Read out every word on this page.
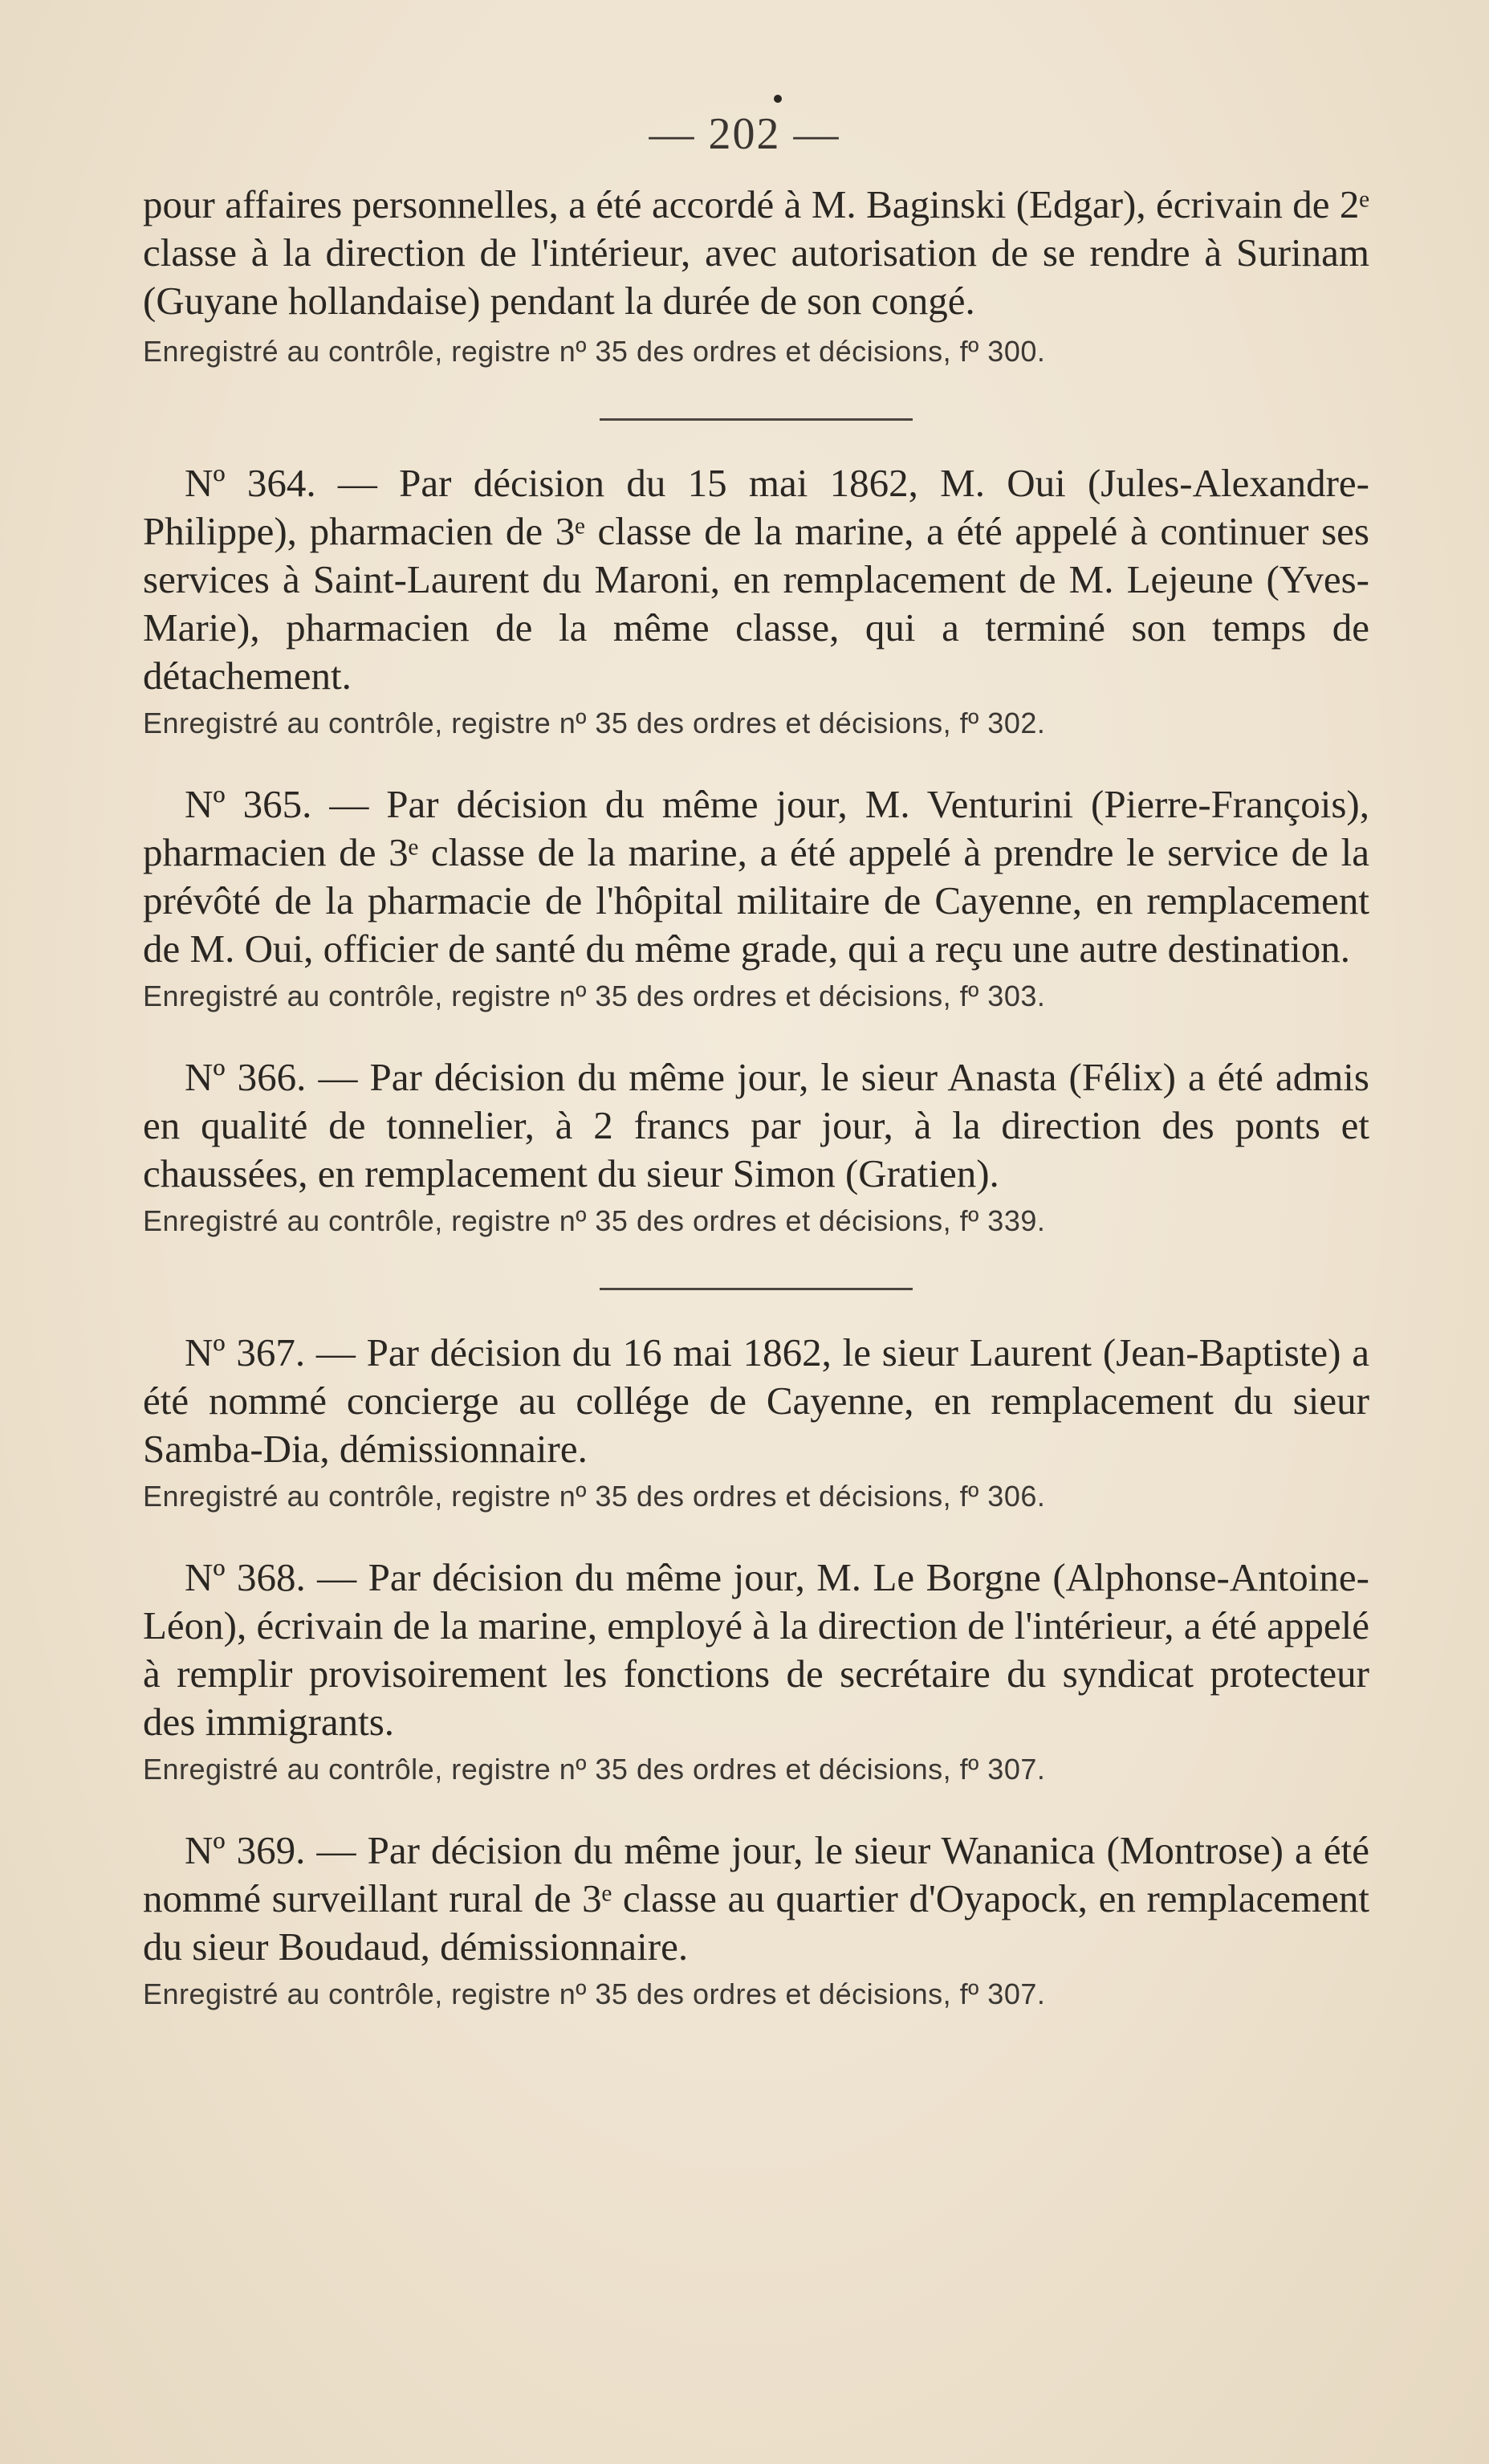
— 202 —

pour affaires personnelles, a été accordé à M. Baginski (Edgar), écrivain de 2ᵉ classe à la direction de l'intérieur, avec autorisation de se rendre à Surinam (Guyane hollandaise) pendant la durée de son congé.

Enregistré au contrôle, registre nº 35 des ordres et décisions, fº 300.

Nº 364. — Par décision du 15 mai 1862, M. Oui (Jules-Alexandre-Philippe), pharmacien de 3ᵉ classe de la marine, a été appelé à continuer ses services à Saint-Laurent du Maroni, en remplacement de M. Lejeune (Yves-Marie), pharmacien de la même classe, qui a terminé son temps de détachement.

Enregistré au contrôle, registre nº 35 des ordres et décisions, fº 302.

Nº 365. — Par décision du même jour, M. Venturini (Pierre-François), pharmacien de 3ᵉ classe de la marine, a été appelé à prendre le service de la prévôté de la pharmacie de l'hôpital militaire de Cayenne, en remplacement de M. Oui, officier de santé du même grade, qui a reçu une autre destination.

Enregistré au contrôle, registre nº 35 des ordres et décisions, fº 303.

Nº 366. — Par décision du même jour, le sieur Anasta (Félix) a été admis en qualité de tonnelier, à 2 francs par jour, à la direction des ponts et chaussées, en remplacement du sieur Simon (Gratien).

Enregistré au contrôle, registre nº 35 des ordres et décisions, fº 339.

Nº 367. — Par décision du 16 mai 1862, le sieur Laurent (Jean-Baptiste) a été nommé concierge au collége de Cayenne, en remplacement du sieur Samba-Dia, démissionnaire.

Enregistré au contrôle, registre nº 35 des ordres et décisions, fº 306.

Nº 368. — Par décision du même jour, M. Le Borgne (Alphonse-Antoine-Léon), écrivain de la marine, employé à la direction de l'intérieur, a été appelé à remplir provisoirement les fonctions de secrétaire du syndicat protecteur des immigrants.

Enregistré au contrôle, registre nº 35 des ordres et décisions, fº 307.

Nº 369. — Par décision du même jour, le sieur Wananica (Montrose) a été nommé surveillant rural de 3ᵉ classe au quartier d'Oyapock, en remplacement du sieur Boudaud, démissionnaire.

Enregistré au contrôle, registre nº 35 des ordres et décisions, fº 307.
